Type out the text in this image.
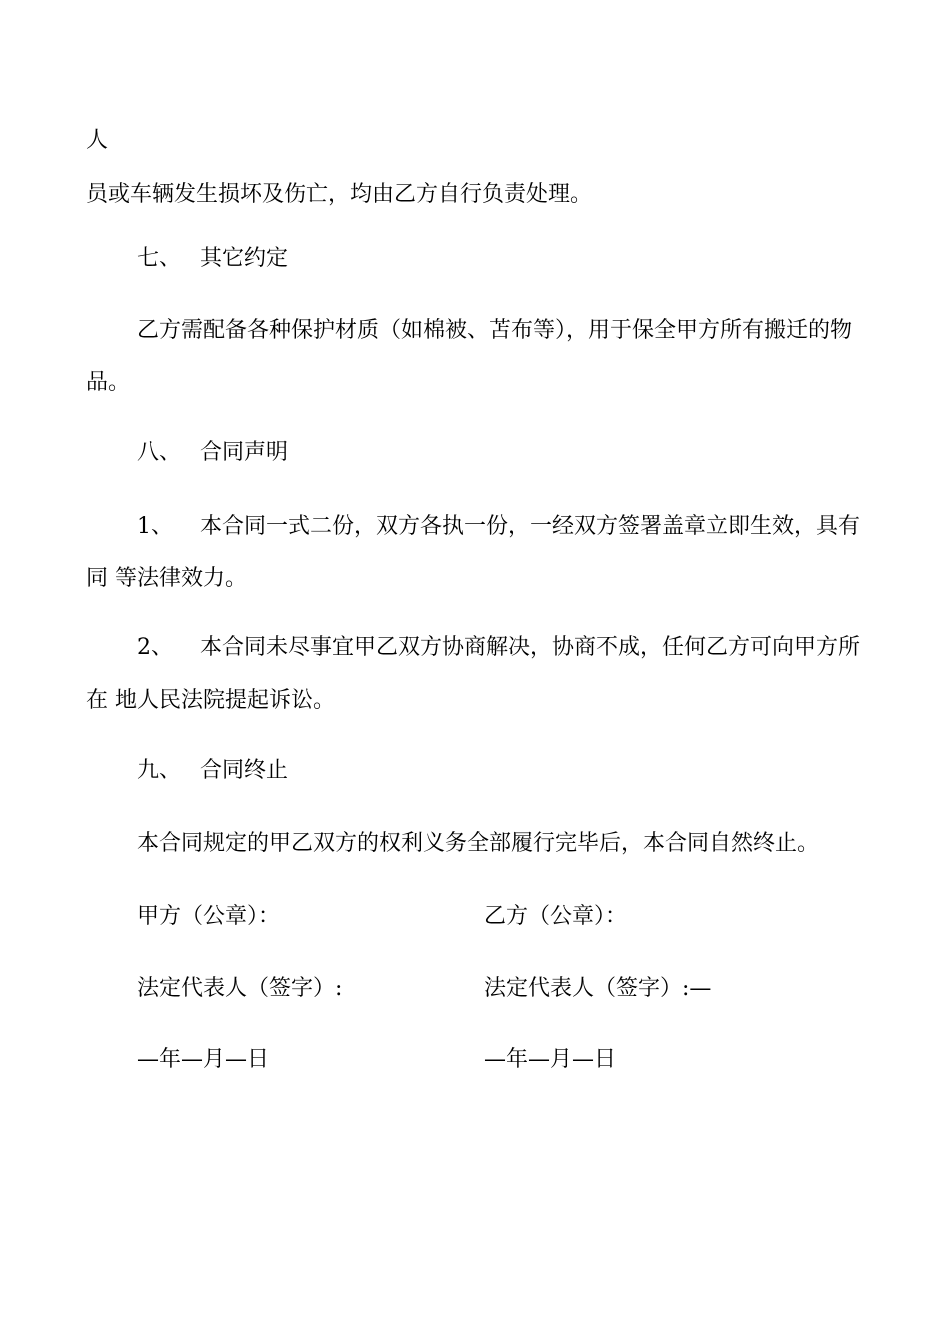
人

员或车辆发生损坏及伤亡，均由乙方自行负责处理。

七、 其它约定

乙方需配备各种保护材质（如棉被、苫布等），用于保全甲方所有搬迁的物

品。

八、 合同声明

1、 本合同一式二份，双方各执一份，一经双方签署盖章立即生效，具有

同 等法律效力。

2、 本合同未尽事宜甲乙双方协商解决，协商不成，任何乙方可向甲方所

在 地人民法院提起诉讼。

九、 合同终止

本合同规定的甲乙双方的权利义务全部履行完毕后，本合同自然终止。

甲方（公章）：	乙方（公章）：

法定代表人（签字）:	法定代表人（签字）:—

—年—月—日	—年—月—日
